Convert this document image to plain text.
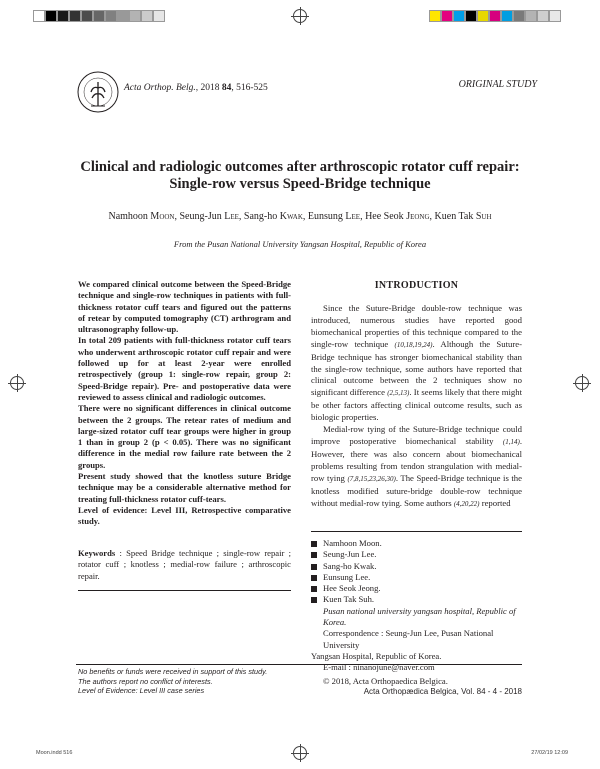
Acta Orthop. Belg., 2018 84, 516-525	ORIGINAL STUDY
Clinical and radiologic outcomes after arthroscopic rotator cuff repair:
Single-row versus Speed-Bridge technique
Namhoon Moon, Seung-Jun Lee, Sang-ho Kwak, Eunsung Lee, Hee Seok Jeong, Kuen Tak Suh
From the Pusan National University Yangsan Hospital, Republic of Korea

We compared clinical outcome between the Speed-Bridge technique and single-row techniques in patients with full-thickness rotator cuff tears and figured out the patterns of retear by computed tomography (CT) arthrogram and ultrasonography follow-up.

In total 209 patients with full-thickness rotator cuff tears who underwent arthroscopic rotator cuff repair and were followed up for at least 2-year were enrolled retrospectively (group 1: single-row repair, group 2: Speed-Bridge repair). Pre- and postoperative data were reviewed to assess clinical and radiologic outcomes.

There were no significant differences in clinical outcome between the 2 groups. The retear rates of medium and large-sized rotator cuff tear groups were higher in group 1 than in group 2 (p < 0.05). There was no significant difference in the medial row failure rate between the 2 groups.

Present study showed that the knotless suture Bridge technique may be a considerable alternative method for treating full-thickness rotator cuff-tears.

Level of evidence: Level III, Retrospective comparative study.

Keywords : Speed Bridge technique ; single-row repair ; rotator cuff ; knotless ; medial-row failure ; arthroscopic repair.
INTRODUCTION

Since the Suture-Bridge double-row technique was introduced, numerous studies have reported good biomechanical properties of this technique compared to the single-row technique (10,18,19,24). Although the Suture-Bridge technique has stronger biomechanical stability than the single-row technique, some authors have reported that clinical outcome between the 2 techniques show no significant difference (2,5,13). It seems likely that there might be other factors affecting clinical outcome results, such as biologic properties.

Medial-row tying of the Suture-Bridge technique could improve postoperative biomechanical stability (1,14). However, there was also concern about biomechanical problems resulting from tendon strangulation with medial-row tying (7,8,15,23,26,30). The Speed-Bridge technique is the knotless modified suture-bridge double-row technique without medial-row tying. Some authors (4,20,22) reported

Namhoon Moon.
Seung-Jun Lee.
Sang-ho Kwak.
Eunsung Lee.
Hee Seok Jeong.
Kuen Tak Suh.
Pusan national university yangsan hospital, Republic of
Korea.
Correspondence : Seung-Jun Lee, Pusan National University
Yangsan Hospital, Republic of Korea.
E-mail : ninanojune@naver.com
© 2018, Acta Orthopaedica Belgica.
No benefits or funds were received in support of this study.
The authors report no conflict of interests.
Level of Evidence: Level III case series	Acta Orthopædica Belgica, Vol. 84 - 4 - 2018
Moon.indd 516	27/02/19 12:09
